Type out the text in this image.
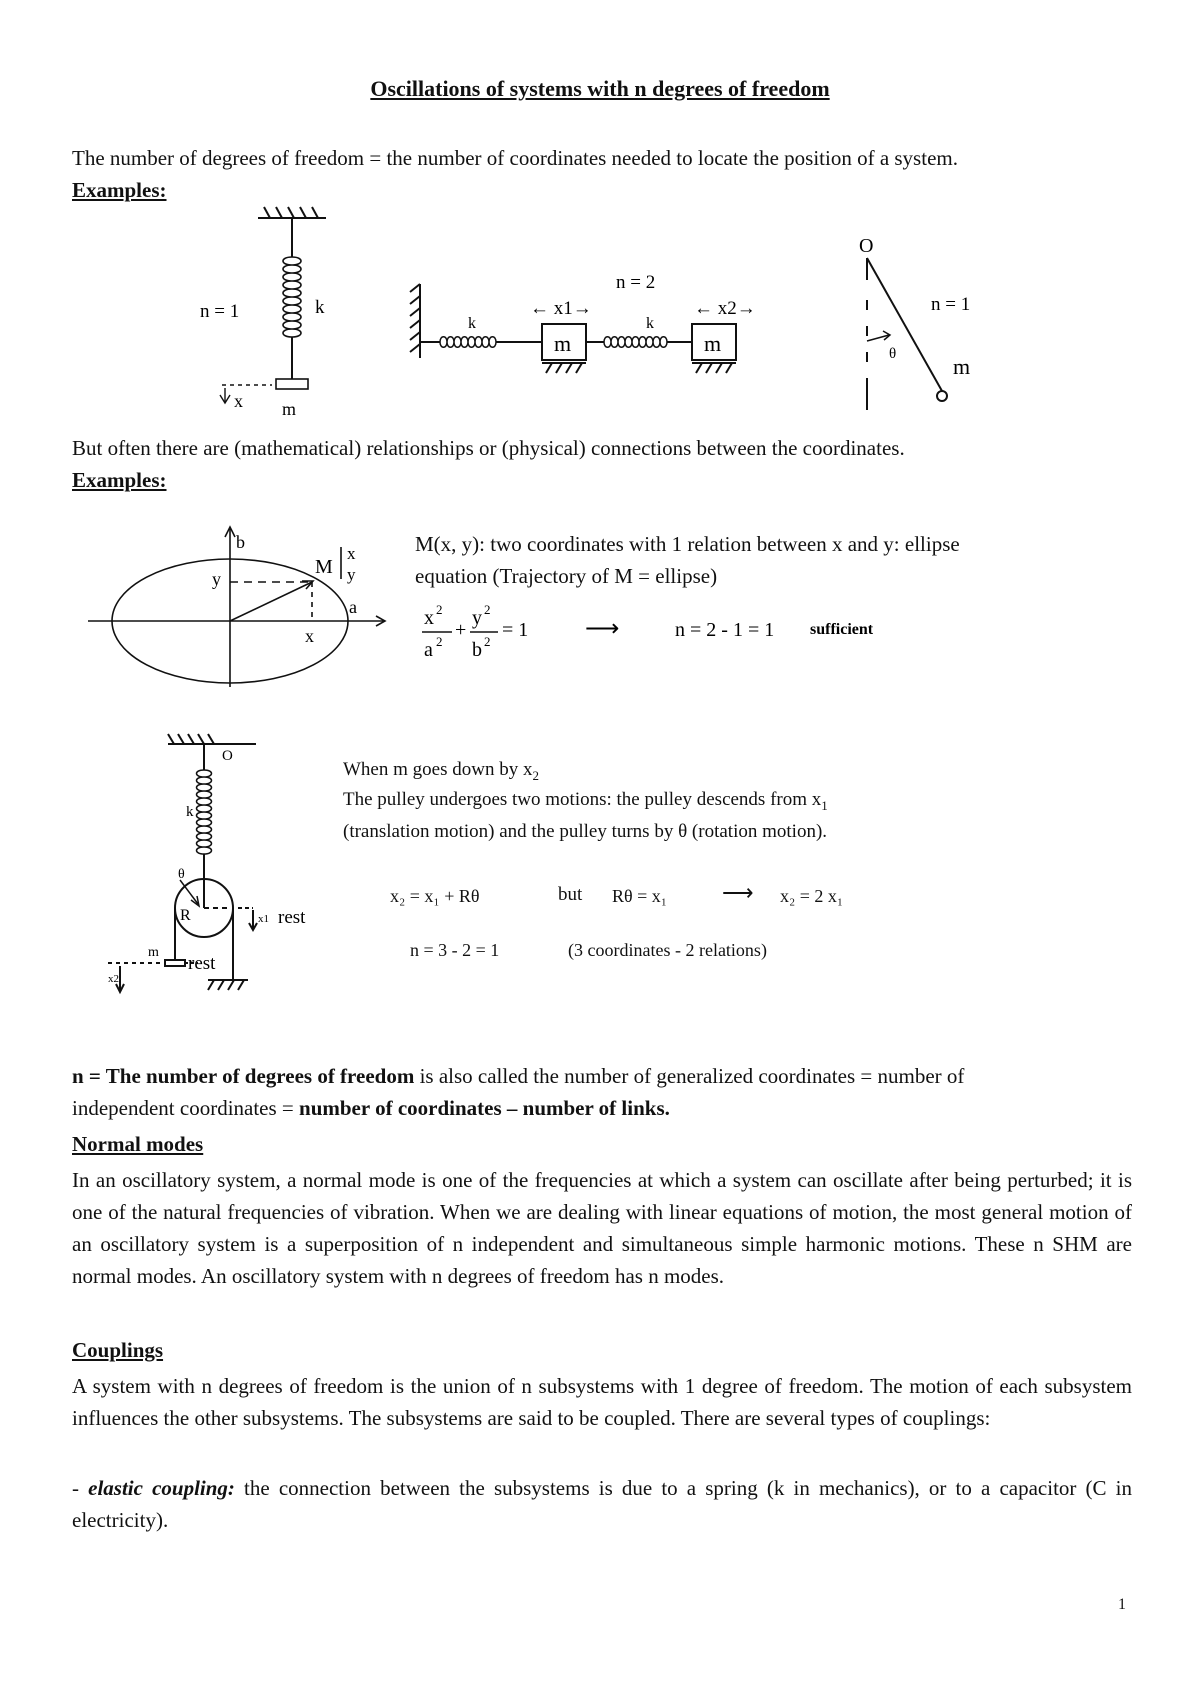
Oscillations of systems with n degrees of freedom
The number of degrees of freedom = the number of coordinates needed to locate the position of a system.
Examples:
n = 1	k
x m
k	k
n = 2
← x1→	← x2→
m	m
O
n = 1
θ	m
But often there are (mathematical) relationships or (physical) connections between the coordinates.
Examples:
b
y
x
a
M
x
y
M(x, y): two coordinates with 1 relation between x and y: ellipse
equation (Trajectory of M = ellipse)
x 2
a 2
+
y 2
b 2
= 1 ⟶	n = 2 - 1 = 1 sufficient
O
k
θ
R	x1 rest
m
rest
x2
When m goes down by $x_2$
The pulley undergoes two motions: the pulley descends from $x_1$
(translation motion) and the pulley turns by θ (rotation motion).
x₂ = x₁ + Rθ	but Rθ = x₁ ⟶ x₂ = 2 x₁
n = 3 - 2 = 1	(3 coordinates - 2 relations)
n = The number of degrees of freedom is also called the number of generalized coordinates = number of
independent coordinates = number of coordinates – number of links.
Normal modes
In an oscillatory system, a normal mode is one of the frequencies at which a system can oscillate after being perturbed; it is one of the natural frequencies of vibration. When we are dealing with linear equations of motion, the most general motion of an oscillatory system is a superposition of n independent and simultaneous simple harmonic motions. These n SHM are normal modes. An oscillatory system with n degrees of freedom has n modes.
Couplings
A system with n degrees of freedom is the union of n subsystems with 1 degree of freedom. The motion of each subsystem influences the other subsystems. The subsystems are said to be coupled. There are several types of couplings:
- elastic coupling: the connection between the subsystems is due to a spring (k in mechanics), or to a capacitor (C in electricity).
1
